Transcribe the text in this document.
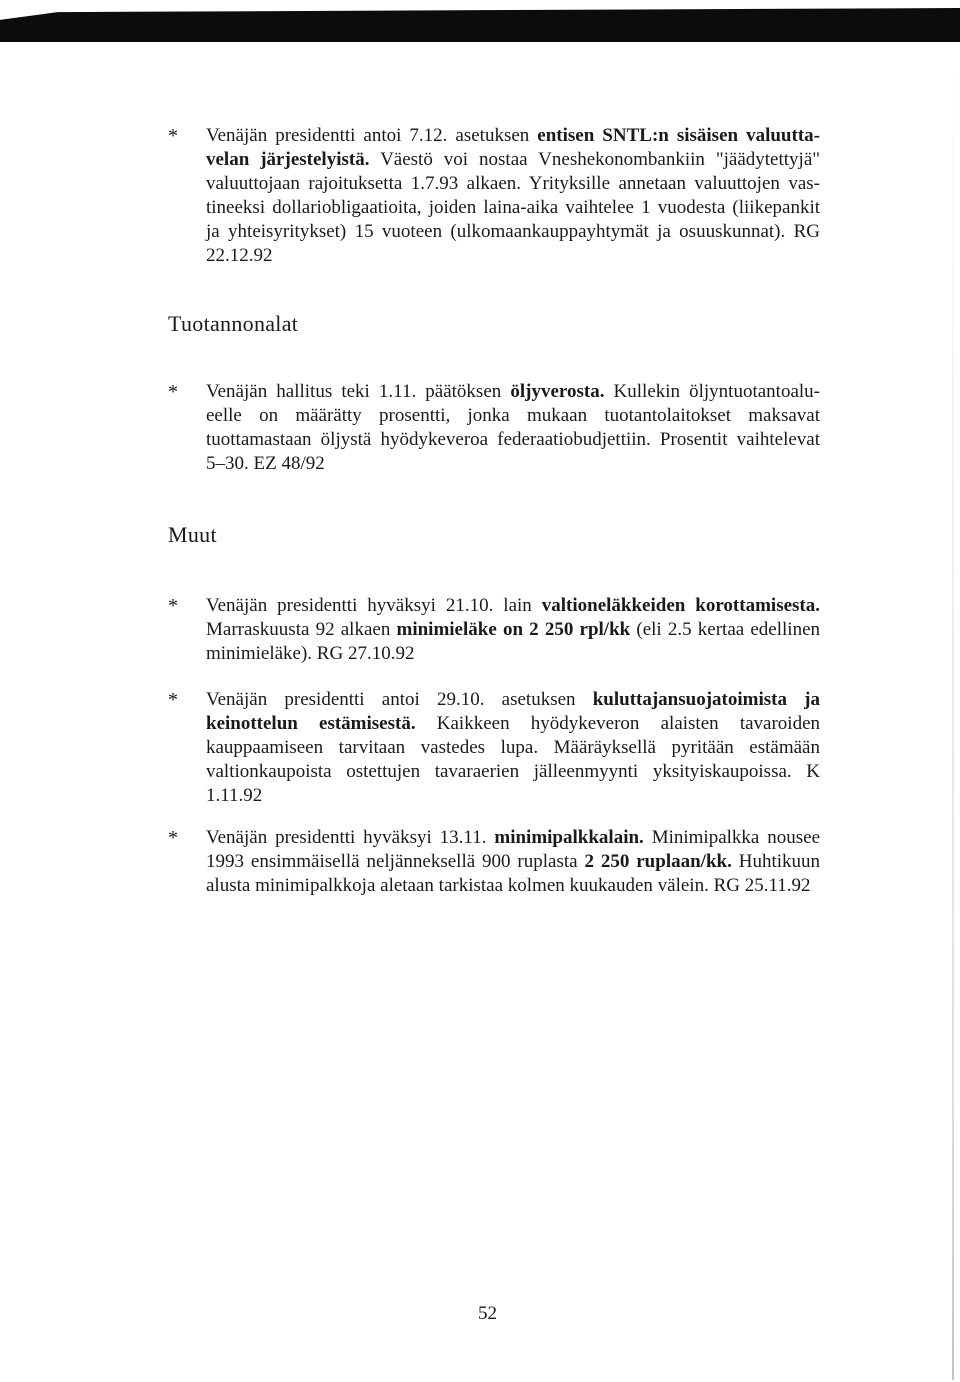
* Venäjän presidentti antoi 7.12. asetuksen entisen SNTL:n sisäisen valuutta-velan järjestelyistä. Väestö voi nostaa Vneshekonombankiin "jäädytettyjä" valuuttojaan rajoituksetta 1.7.93 alkaen. Yrityksille annetaan valuuttojen vas-tineeksi dollariobligaatioita, joiden laina-aika vaihtelee 1 vuodesta (liikepankit ja yhteisyritykset) 15 vuoteen (ulkomaankauppayhtymät ja osuuskunnat). RG 22.12.92
Tuotannonalat
* Venäjän hallitus teki 1.11. päätöksen öljyverosta. Kullekin öljyntuotantoalu-eelle on määrätty prosentti, jonka mukaan tuotantolaitokset maksavat tuottamastaan öljystä hyödykeveroa federaatiobudjettiin. Prosentit vaihtelevat 5–30. EZ 48/92
Muut
* Venäjän presidentti hyväksyi 21.10. lain valtioneläkkeiden korottamisesta. Marraskuusta 92 alkaen minimieläke on 2 250 rpl/kk (eli 2.5 kertaa edellinen minimieläke). RG 27.10.92
* Venäjän presidentti antoi 29.10. asetuksen kuluttajansuojatoimista ja keinottelun estämisestä. Kaikkeen hyödykeveron alaisten tavaroiden kauppaamiseen tarvitaan vastedes lupa. Määräyksellä pyritään estämään valtionkaupoista ostettujen tavaraerien jälleenmyynti yksityiskaupoissa. K 1.11.92
* Venäjän presidentti hyväksyi 13.11. minimipalkkalain. Minimipalkka nousee 1993 ensimmäisellä neljänneksellä 900 ruplasta 2 250 ruplaan/kk. Huhtikuun alusta minimipalkkoja aletaan tarkistaa kolmen kuukauden välein. RG 25.11.92
52
